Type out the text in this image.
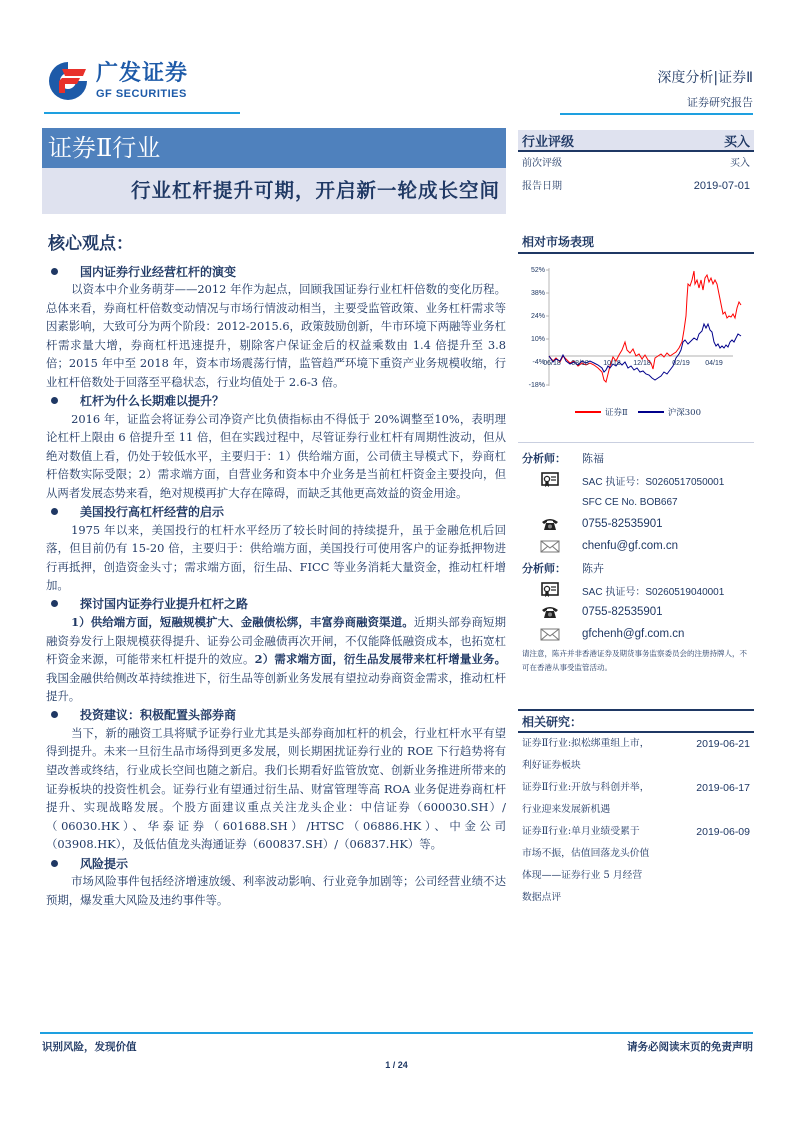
广发证券
GF SECURITIES
深度分析|证券Ⅱ
证券研究报告
证券Ⅱ行业
行业杠杆提升可期，开启新一轮成长空间
核心观点：
国内证券行业经营杠杆的演变

以资本中介业务萌芽——2012 年作为起点，回顾我国证券行业杠杆倍数的变化历程。总体来看，券商杠杆倍数变动情况与市场行情波动相当，主要受监管政策、业务杠杆需求等因素影响，大致可分为两个阶段：2012-2015.6，政策鼓励创新，牛市环境下两融等业务杠杆需求量大增，券商杠杆迅速提升，剔除客户保证金后的权益乘数由 1.4 倍提升至 3.8 倍；2015 年中至 2018 年，资本市场震荡行情，监管趋严环境下重资产业务规模收缩，行业杠杆倍数处于回落至平稳状态，行业均值处于 2.6-3 倍。

杠杆为什么长期难以提升？

2016 年，证监会将证券公司净资产比负债指标由不得低于 20%调整至10%，表明理论杠杆上限由 6 倍提升至 11 倍，但在实践过程中，尽管证券行业杠杆有周期性波动，但从绝对数值上看，仍处于较低水平，主要归于：1）供给端方面，公司债主导模式下，券商杠杆倍数实际受限；2）需求端方面，自营业务和资本中介业务是当前杠杆资金主要投向，但从两者发展态势来看，绝对规模再扩大存在障碍，而缺乏其他更高效益的资金用途。

美国投行高杠杆经营的启示

1975 年以来，美国投行的杠杆水平经历了较长时间的持续提升，虽于金融危机后回落，但目前仍有 15-20 倍，主要归于：供给端方面，美国投行可使用客户的证券抵押物进行再抵押，创造资金头寸；需求端方面，衍生品、FICC 等业务消耗大量资金，推动杠杆增加。

探讨国内证券行业提升杠杆之路

1）供给端方面，短融规模扩大、金融债松绑，丰富券商融资渠道。近期头部券商短期融资券发行上限规模获得提升、证券公司金融债再次开闸，不仅能降低融资成本，也拓宽杠杆资金来源，可能带来杠杆提升的效应。2）需求端方面，衍生品发展带来杠杆增量业务。我国金融供给侧改革持续推进下，衍生品等创新业务发展有望拉动券商资金需求，推动杠杆提升。

投资建议：积极配置头部券商

当下，新的融资工具将赋予证券行业尤其是头部券商加杠杆的机会，行业杠杆水平有望得到提升。未来一旦衍生品市场得到更多发展，则长期困扰证券行业的 ROE 下行趋势将有望改善或终结，行业成长空间也随之新启。我们长期看好监管放宽、创新业务推进所带来的证券板块的投资性机会。证券行业有望通过衍生品、财富管理等高 ROA 业务促进券商杠杆提升、实现战略发展。个股方面建议重点关注龙头企业：中信证券（600030.SH）/（06030.HK）、华泰证券（601688.SH）/HTSC（06886.HK）、中金公司（03908.HK），及低估值龙头海通证券（600837.SH）/（06837.HK）等。

风险提示

市场风险事件包括经济增速放缓、利率波动影响、行业竞争加剧等；公司经营业绩不达预期，爆发重大风险及违约事件等。

行业评级	买入
前次评级	买入
报告日期	2019-07-01
相对市场表现
52%
38%
24%
10%
-4%
-18%
06/18 08/18 10/18 12/18	02/19 04/19
证券Ⅱ	沪深300
分析师：	陈福
SAC 执证号：S0260517050001
SFC CE No. BOB667
0755-82535901
chenfu@gf.com.cn
分析师：	陈卉
SAC 执证号：S0260519040001
0755-82535901
gfchenh@gf.com.cn
请注意，陈卉并非香港证券及期货事务监察委员会的注册持牌人，不可在香港从事受监管活动。
相关研究：
证券Ⅱ行业:拟松绑重组上市，	2019-06-21
利好证券板块
证券Ⅱ行业:开放与科创并举，	2019-06-17
行业迎来发展新机遇
证券Ⅱ行业:单月业绩受累于	2019-06-09
市场不振，估值回落龙头价值
体现——证券行业 5 月经营
数据点评
识别风险，发现价值	请务必阅读末页的免责声明
1 / 24
